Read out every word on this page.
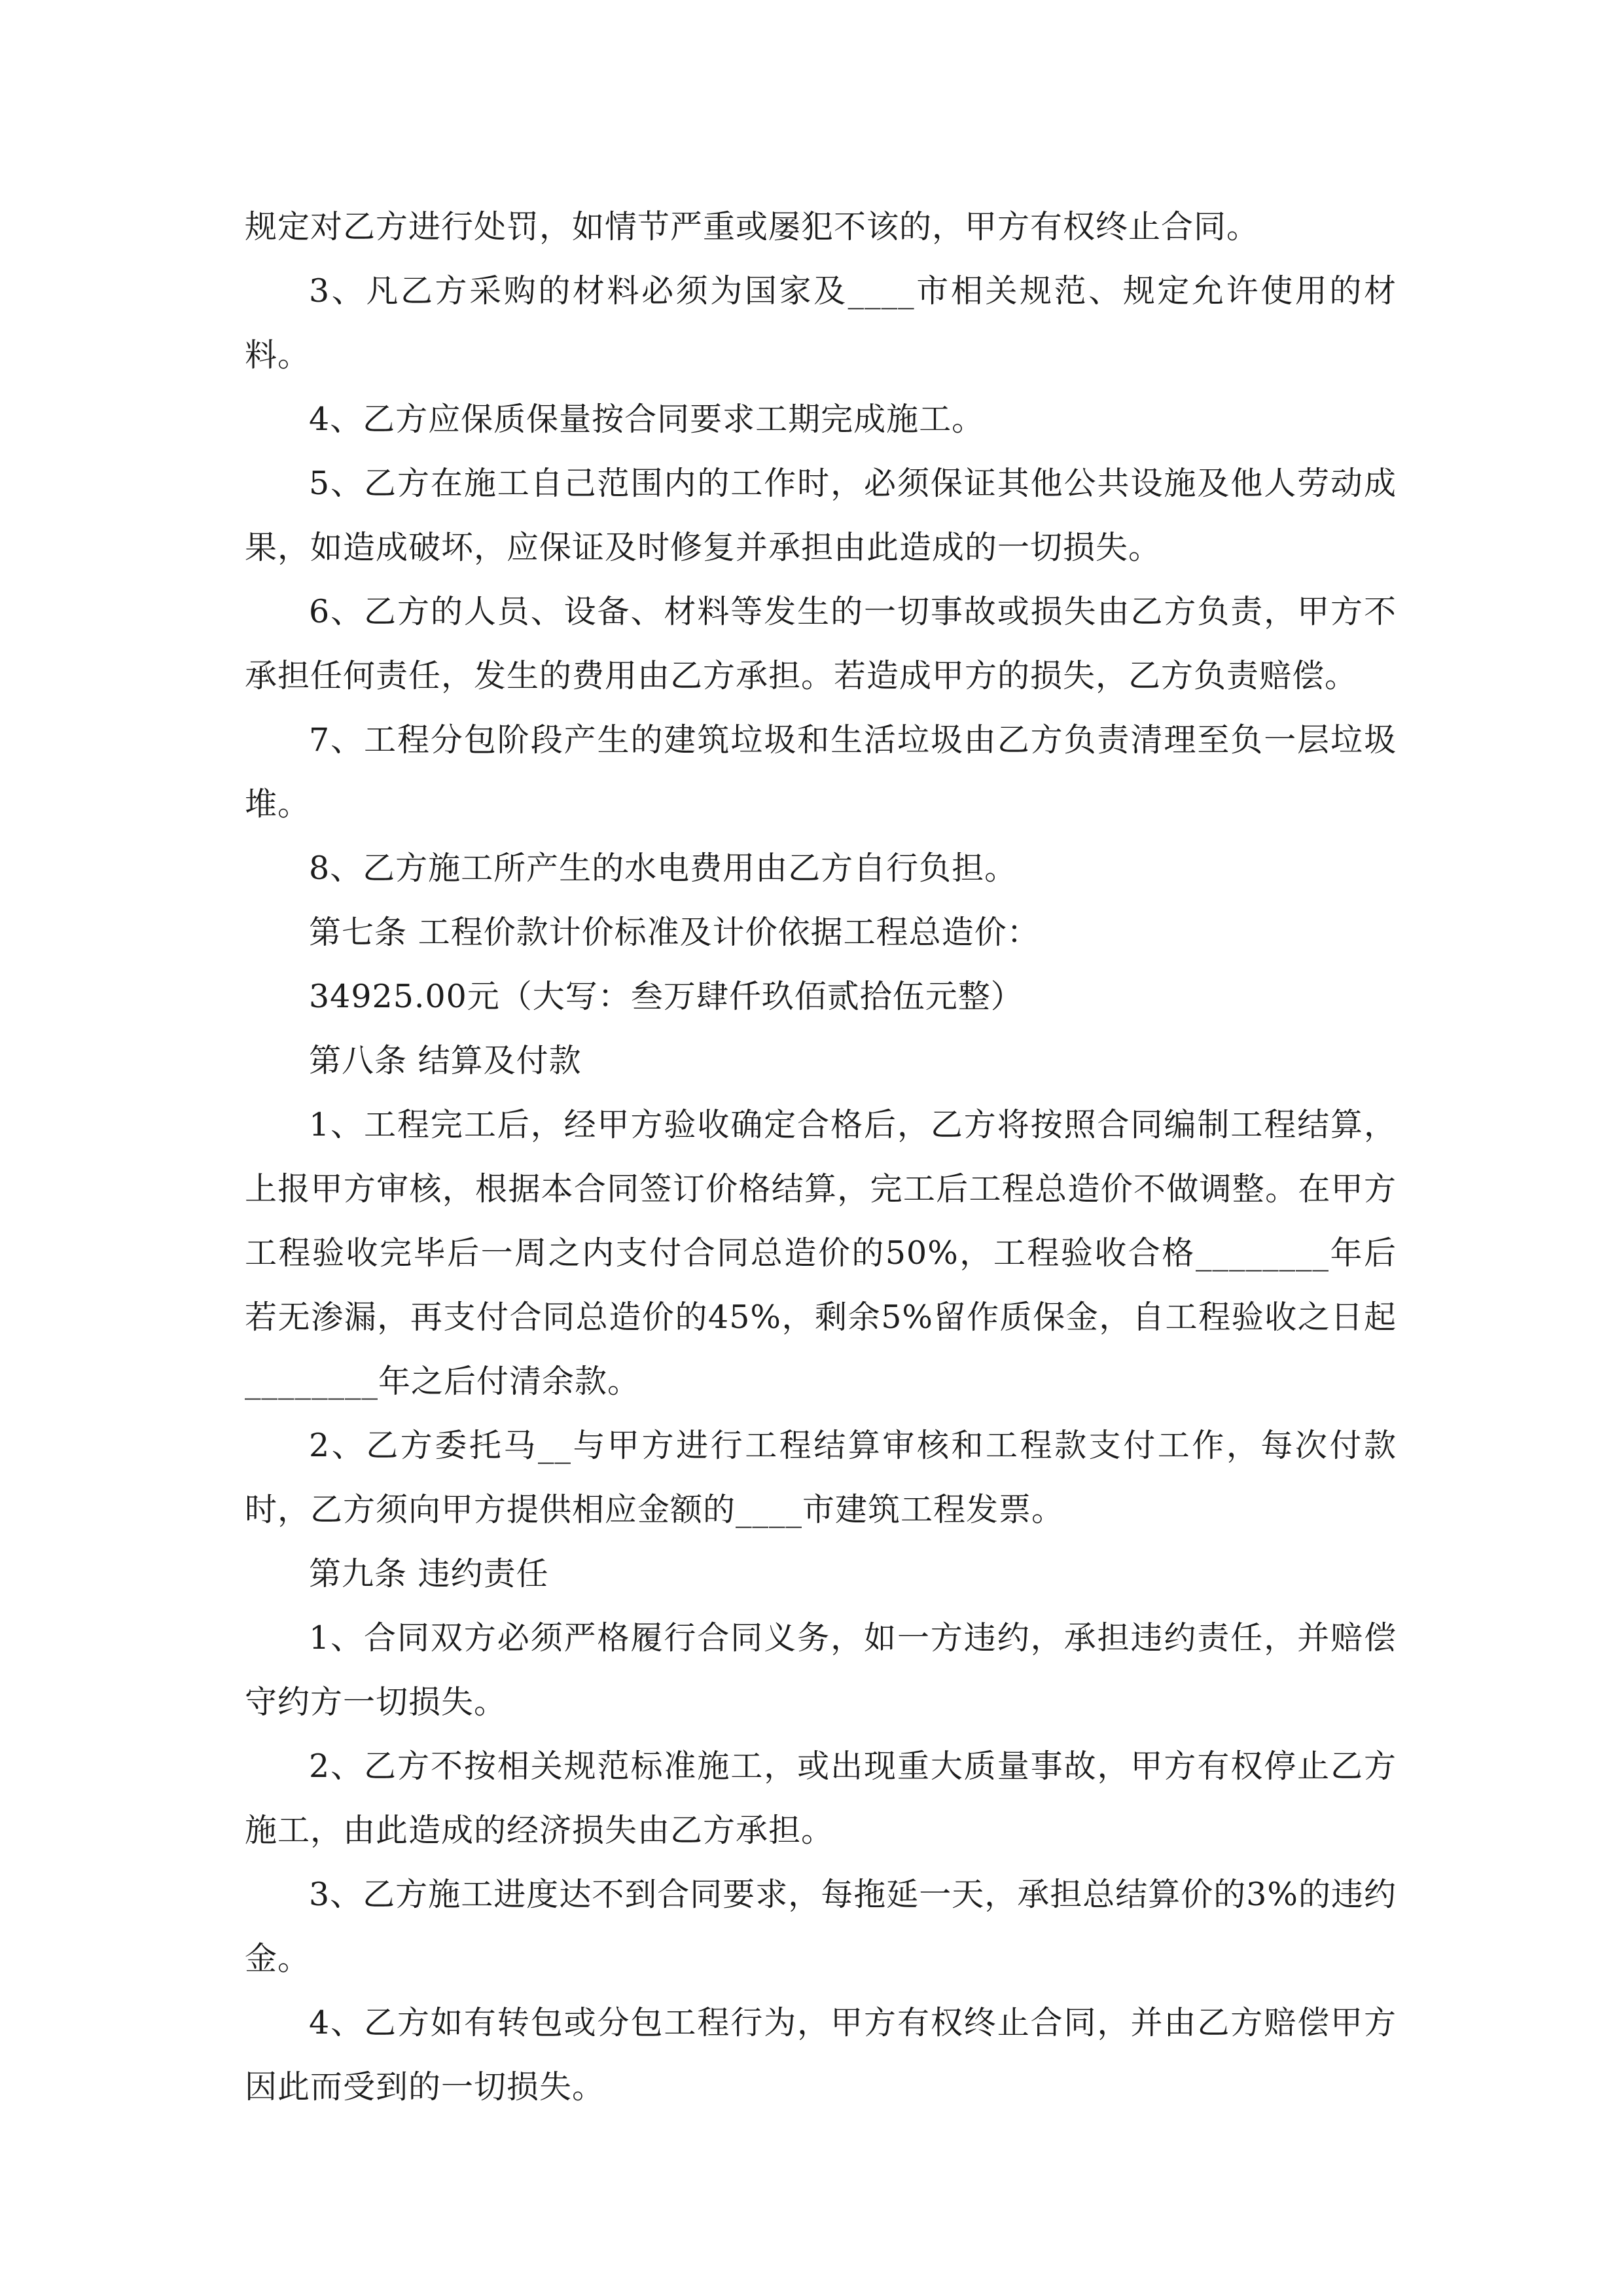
规定对乙方进行处罚，如情节严重或屡犯不该的，甲方有权终止合同。

3、凡乙方采购的材料必须为国家及____市相关规范、规定允许使用的材料。

4、乙方应保质保量按合同要求工期完成施工。

5、乙方在施工自己范围内的工作时，必须保证其他公共设施及他人劳动成果，如造成破坏，应保证及时修复并承担由此造成的一切损失。

6、乙方的人员、设备、材料等发生的一切事故或损失由乙方负责，甲方不承担任何责任，发生的费用由乙方承担。若造成甲方的损失，乙方负责赔偿。

7、工程分包阶段产生的建筑垃圾和生活垃圾由乙方负责清理至负一层垃圾堆。

8、乙方施工所产生的水电费用由乙方自行负担。

第七条 工程价款计价标准及计价依据工程总造价：

34925.00元（大写：叁万肆仟玖佰贰拾伍元整）

第八条 结算及付款

1、工程完工后，经甲方验收确定合格后，乙方将按照合同编制工程结算，上报甲方审核，根据本合同签订价格结算，完工后工程总造价不做调整。在甲方工程验收完毕后一周之内支付合同总造价的50%，工程验收合格________年后若无渗漏，再支付合同总造价的45%，剩余5%留作质保金，自工程验收之日起________年之后付清余款。

2、乙方委托马__与甲方进行工程结算审核和工程款支付工作，每次付款时，乙方须向甲方提供相应金额的____市建筑工程发票。

第九条 违约责任

1、合同双方必须严格履行合同义务，如一方违约，承担违约责任，并赔偿守约方一切损失。

2、乙方不按相关规范标准施工，或出现重大质量事故，甲方有权停止乙方施工，由此造成的经济损失由乙方承担。

3、乙方施工进度达不到合同要求，每拖延一天，承担总结算价的3%的违约金。

4、乙方如有转包或分包工程行为，甲方有权终止合同，并由乙方赔偿甲方因此而受到的一切损失。
